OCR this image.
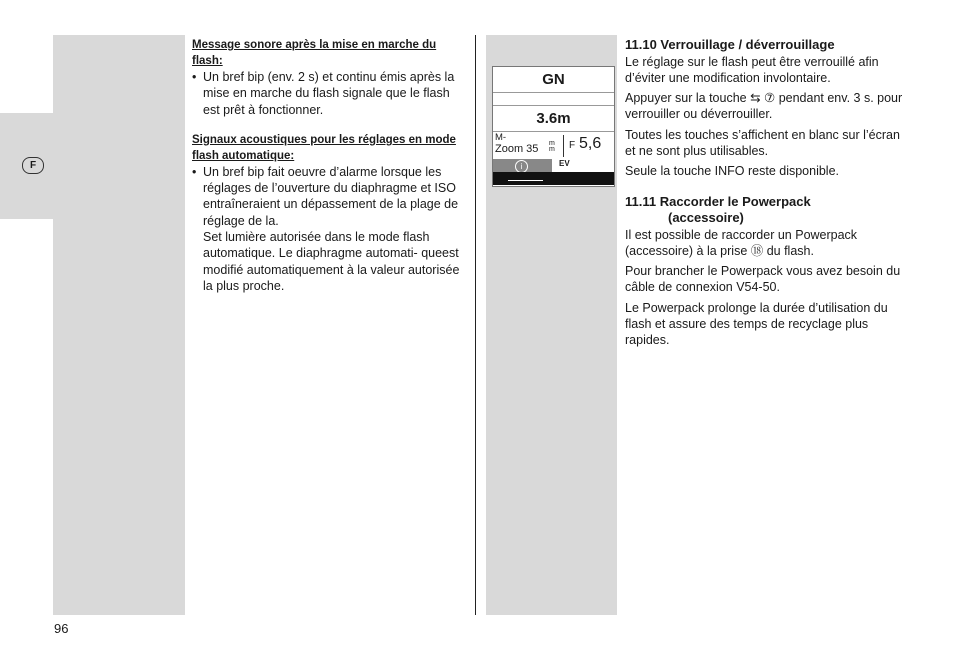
F
Message sonore après la mise en marche du flash:
• Un bref bip (env. 2 s) et continu émis après la mise en marche du flash signale que le flash est prêt à fonctionner.
Signaux acoustiques pour les réglages en mode flash automatique:
• Un bref bip fait oeuvre d’alarme lorsque les réglages de l’ouverture du diaphragme et ISO entraîneraient un dépassement de la plage de réglage de la.
Set lumière autorisée dans le mode flash automatique. Le diaphragme automati- queest modifié automatiquement à la valeur autorisée la plus proche.
GN
3.6m
M-
Zoom 35 m
m F 5,6
i	EV
11.10 Verrouillage / déverrouillage
Le réglage sur le flash peut être verrouillé afin d’éviter une modification involontaire.
Appuyer sur la touche ⇆ ⑦ pendant env. 3 s. pour verrouiller ou déverrouiller.
Toutes les touches s’affichent en blanc sur l’écran et ne sont plus utilisables.
Seule la touche INFO reste disponible.
11.11 Raccorder le Powerpack
(accessoire)
Il est possible de raccorder un Powerpack (accessoire) à la prise ⑱ du flash.
Pour brancher le Powerpack vous avez besoin du câble de connexion V54-50.
Le Powerpack prolonge la durée d’utilisation du flash et assure des temps de recyclage plus rapides.
96
